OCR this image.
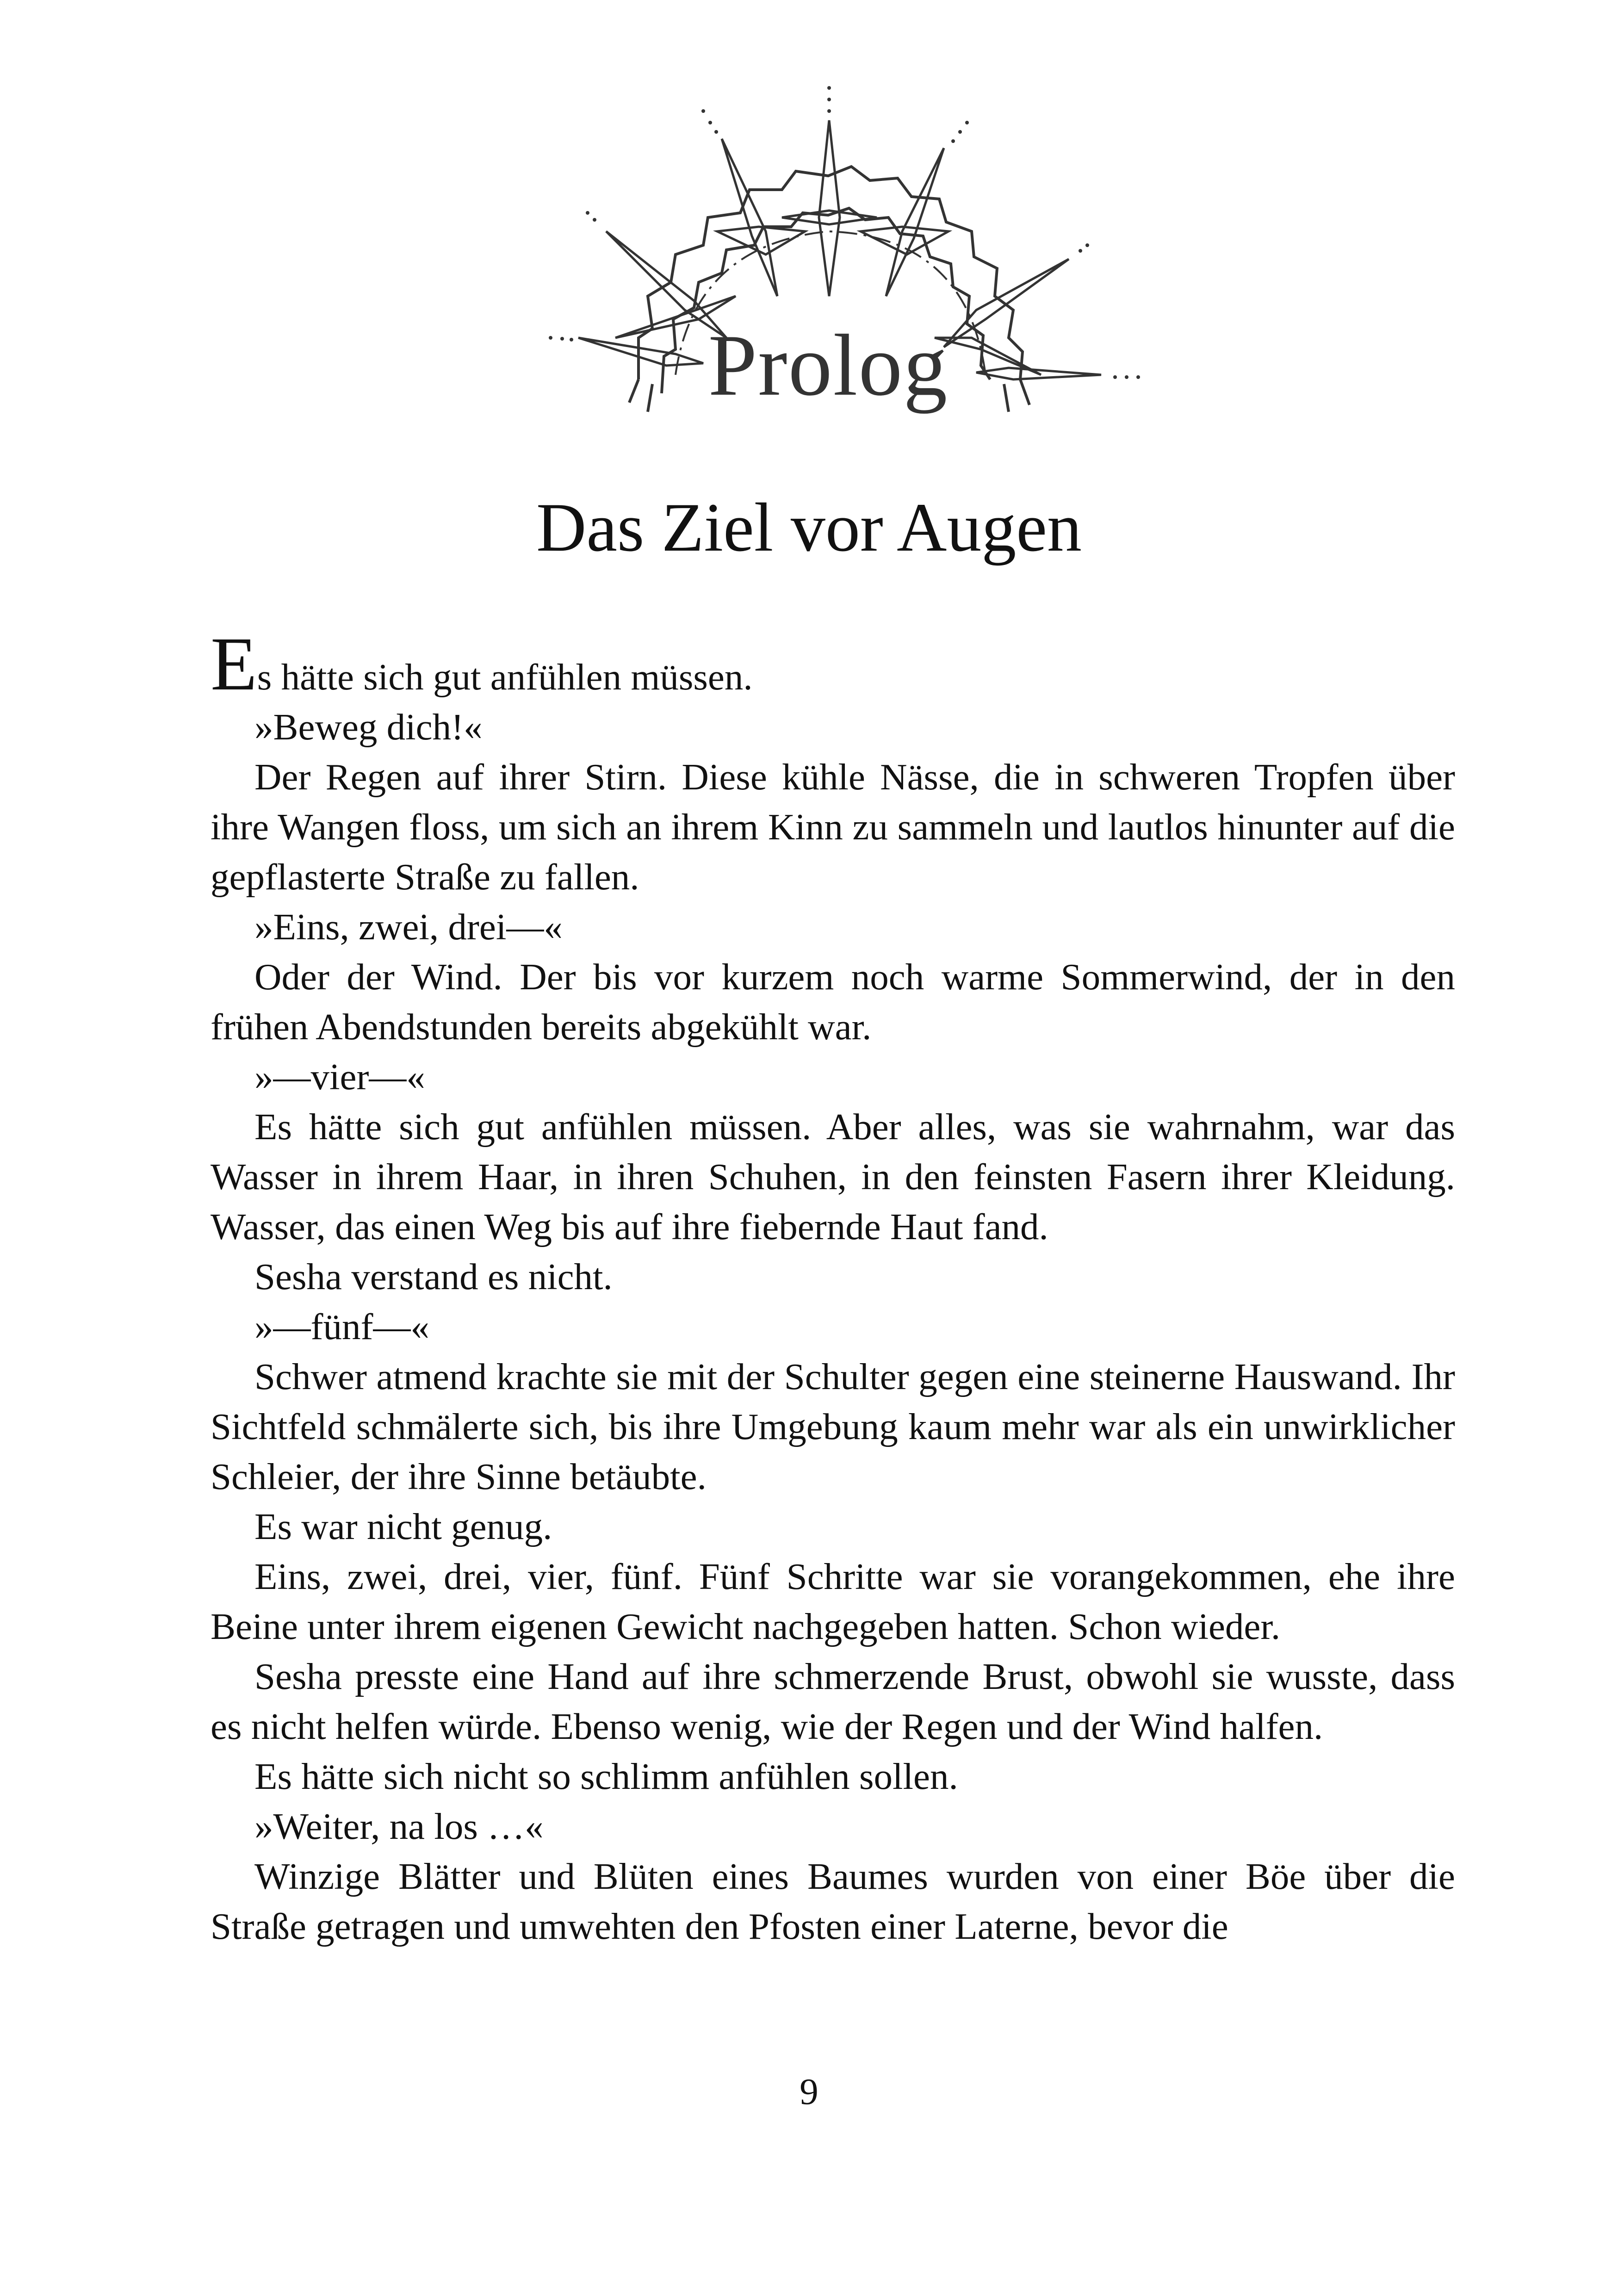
Prolog
Das Ziel vor Augen

Es hätte sich gut anfühlen müssen.

»Beweg dich!«

Der Regen auf ihrer Stirn. Diese kühle Nässe, die in schweren Tropfen über ihre Wangen floss, um sich an ihrem Kinn zu sammeln und lautlos hinunter auf die gepflasterte Straße zu fallen.

»Eins, zwei, drei—«

Oder der Wind. Der bis vor kurzem noch warme Sommerwind, der in den frühen Abendstunden bereits abgekühlt war.

»—vier—«

Es hätte sich gut anfühlen müssen. Aber alles, was sie wahrnahm, war das Wasser in ihrem Haar, in ihren Schuhen, in den feinsten Fasern ihrer Kleidung. Wasser, das einen Weg bis auf ihre fiebernde Haut fand.

Sesha verstand es nicht.

»—fünf—«

Schwer atmend krachte sie mit der Schulter gegen eine steinerne Hauswand. Ihr Sichtfeld schmälerte sich, bis ihre Umgebung kaum mehr war als ein unwirklicher Schleier, der ihre Sinne betäubte.

Es war nicht genug.

Eins, zwei, drei, vier, fünf. Fünf Schritte war sie vorangekommen, ehe ihre Beine unter ihrem eigenen Gewicht nachgegeben hatten. Schon wieder.

Sesha presste eine Hand auf ihre schmerzende Brust, obwohl sie wusste, dass es nicht helfen würde. Ebenso wenig, wie der Regen und der Wind halfen.

Es hätte sich nicht so schlimm anfühlen sollen.

»Weiter, na los …«

Winzige Blätter und Blüten eines Baumes wurden von einer Böe über die Straße getragen und umwehten den Pfosten einer Laterne, bevor die

9
